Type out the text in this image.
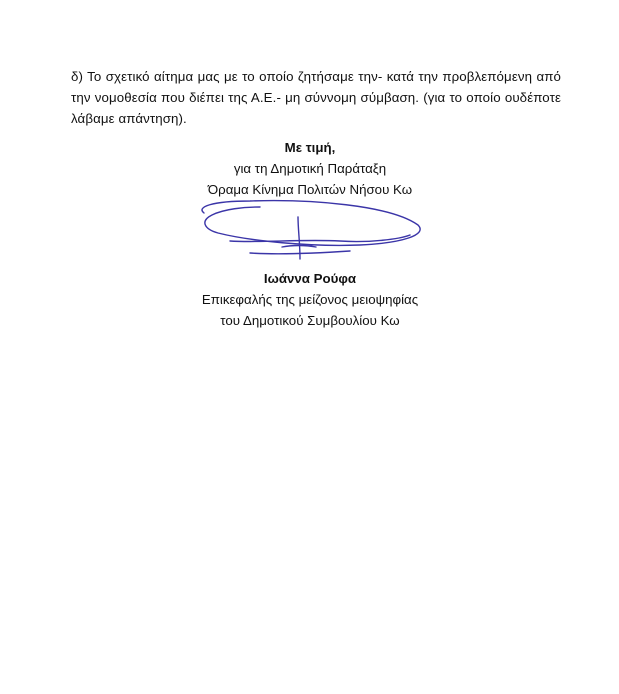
δ) Το σχετικό αίτημα μας με το οποίο ζητήσαμε την- κατά την προβλεπόμενη από την νομοθεσία που διέπει της Α.Ε.- μη σύννομη σύμβαση. (για το οποίο ουδέποτε λάβαμε απάντηση).

Με τιμή,
για τη Δημοτική Παράταξη
Όραμα Κίνημα Πολιτών Νήσου Κω
Ιωάννα Ρούφα
Επικεφαλής της μείζονος μειοψηφίας
του Δημοτικού Συμβουλίου Κω
